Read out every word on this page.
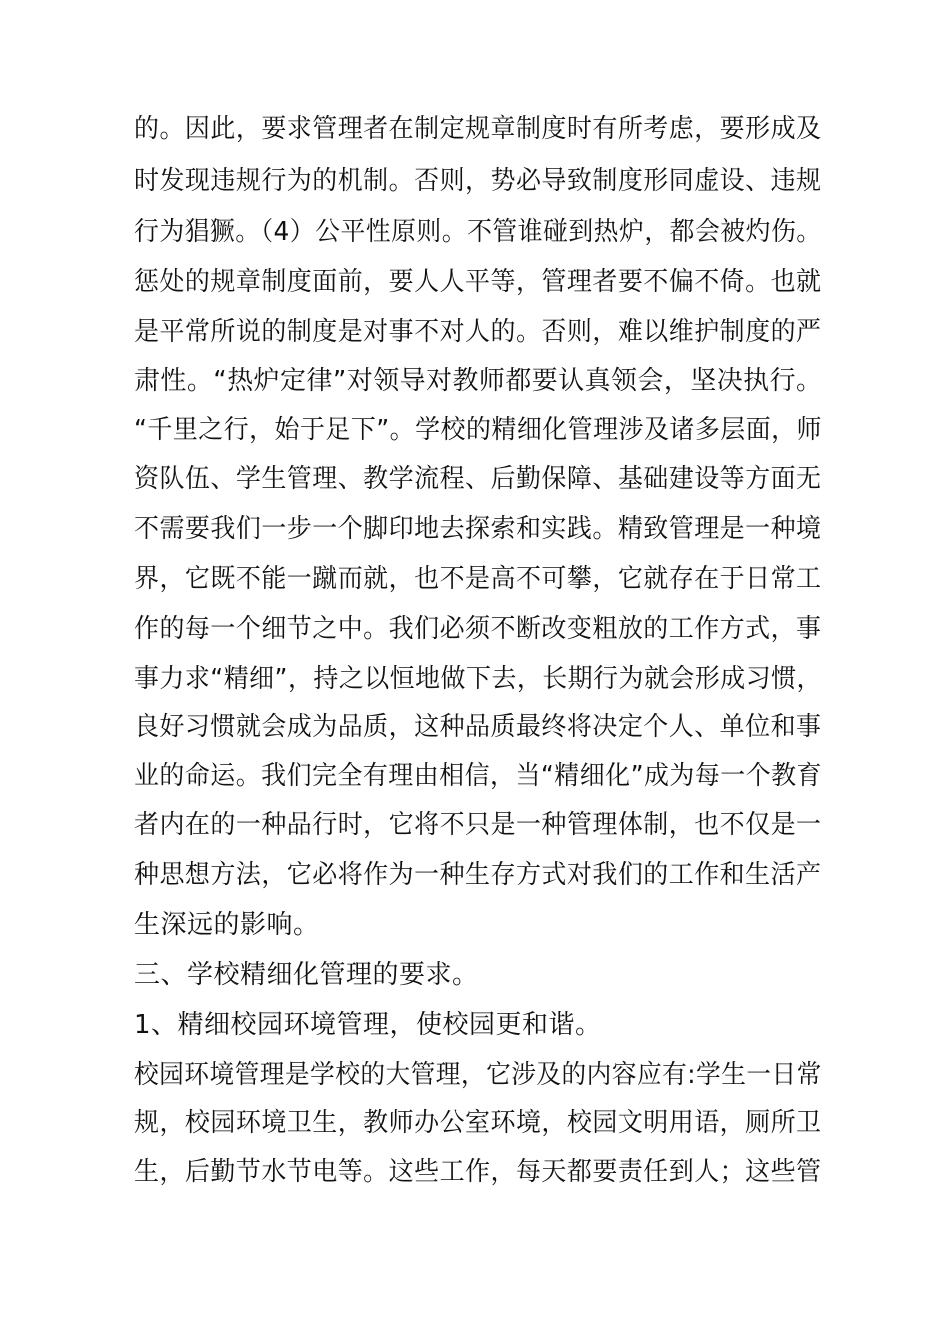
的。因此，要求管理者在制定规章制度时有所考虑，要形成及

时发现违规行为的机制。否则，势必导致制度形同虚设、违规

行为猖獗。（4）公平性原则。不管谁碰到热炉，都会被灼伤。

惩处的规章制度面前，要人人平等，管理者要不偏不倚。也就

是平常所说的制度是对事不对人的。否则，难以维护制度的严

肃性。“热炉定律”对领导对教师都要认真领会，坚决执行。

“千里之行，始于足下”。学校的精细化管理涉及诸多层面，师

资队伍、学生管理、教学流程、后勤保障、基础建设等方面无

不需要我们一步一个脚印地去探索和实践。精致管理是一种境

界，它既不能一蹴而就，也不是高不可攀，它就存在于日常工

作的每一个细节之中。我们必须不断改变粗放的工作方式，事

事力求“精细”，持之以恒地做下去，长期行为就会形成习惯，

良好习惯就会成为品质，这种品质最终将决定个人、单位和事

业的命运。我们完全有理由相信，当“精细化”成为每一个教育

者内在的一种品行时，它将不只是一种管理体制，也不仅是一

种思想方法，它必将作为一种生存方式对我们的工作和生活产

生深远的影响。

三、学校精细化管理的要求。

1、精细校园环境管理，使校园更和谐。

校园环境管理是学校的大管理，它涉及的内容应有:学生一日常

规，校园环境卫生，教师办公室环境，校园文明用语，厕所卫

生，后勤节水节电等。这些工作，每天都要责任到人；这些管
